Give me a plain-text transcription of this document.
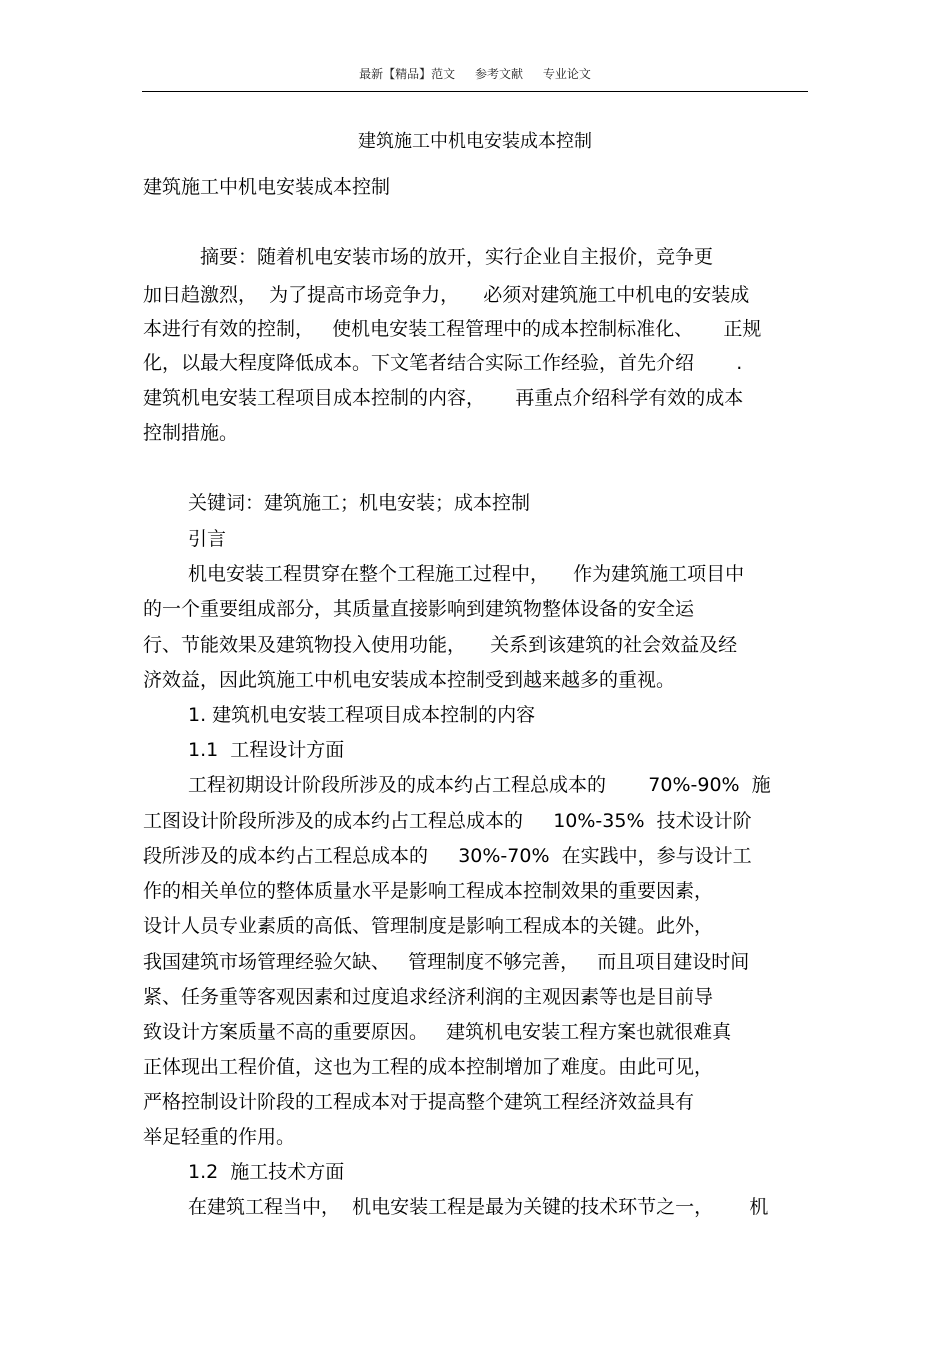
最新【精品】范文 参考文献 专业论文
建筑施工中机电安装成本控制
建筑施工中机电安装成本控制
摘要：随着机电安装市场的放开，实行企业自主报价，竞争更
加日趋激烈，  为了提高市场竞争力，    必须对建筑施工中机电的安装成
本进行有效的控制，   使机电安装工程管理中的成本控制标准化、     正规
化，以最大程度降低成本。下文笔者结合实际工作经验，首先介绍       .
建筑机电安装工程项目成本控制的内容，     再重点介绍科学有效的成本
控制措施。
关键词：建筑施工；机电安装；成本控制
引言
机电安装工程贯穿在整个工程施工过程中，    作为建筑施工项目中
的一个重要组成部分，其质量直接影响到建筑物整体设备的安全运
行、节能效果及建筑物投入使用功能，    关系到该建筑的社会效益及经
济效益，因此筑施工中机电安装成本控制受到越来越多的重视。
1. 建筑机电安装工程项目成本控制的内容
1.1  工程设计方面
工程初期设计阶段所涉及的成本约占工程总成本的       70%-90%  施
工图设计阶段所涉及的成本约占工程总成本的     10%-35%  技术设计阶
段所涉及的成本约占工程总成本的     30%-70%  在实践中，参与设计工
作的相关单位的整体质量水平是影响工程成本控制效果的重要因素，
设计人员专业素质的高低、管理制度是影响工程成本的关键。此外，
我国建筑市场管理经验欠缺、   管理制度不够完善，   而且项目建设时间
紧、任务重等客观因素和过度追求经济利润的主观因素等也是目前导
致设计方案质量不高的重要原因。   建筑机电安装工程方案也就很难真
正体现出工程价值，这也为工程的成本控制增加了难度。由此可见，
严格控制设计阶段的工程成本对于提高整个建筑工程经济效益具有
举足轻重的作用。
1.2  施工技术方面
在建筑工程当中，  机电安装工程是最为关键的技术环节之一，      机
